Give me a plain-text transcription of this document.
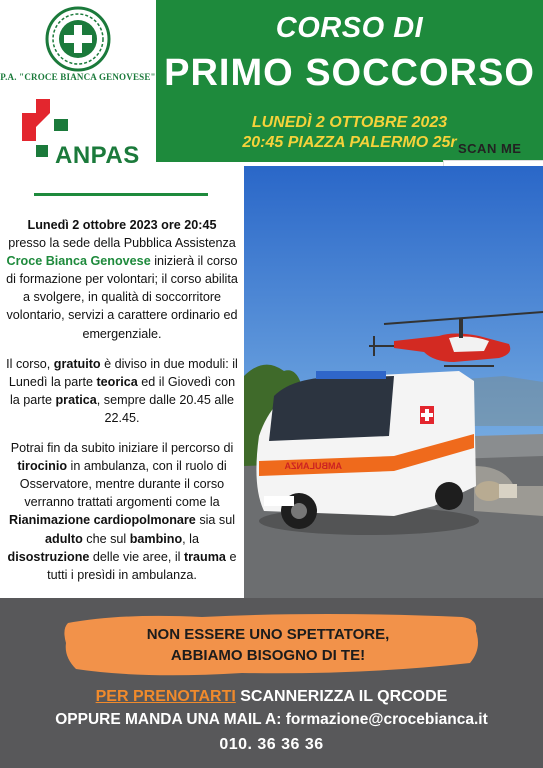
P.A. "CROCE BIANCA GENOVESE"
ANPAS
CORSO DI
PRIMO SOCCORSO
LUNEDÌ 2 OTTOBRE 2023
20:45 PIAZZA PALERMO 25r SCAN ME

Lunedì 2 ottobre 2023 ore 20:45
presso la sede della Pubblica Assistenza Croce Bianca Genovese inizierà il corso di formazione per volontari; il corso abilita a svolgere, in qualità di soccorritore volontario, servizi a carattere ordinario ed emergenziale.

Il corso, gratuito è diviso in due moduli: il Lunedì la parte teorica ed il Giovedì con la parte pratica, sempre dalle 20.45 alle 22.45.

Potrai fin da subito iniziare il percorso di tirocinio in ambulanza, con il ruolo di Osservatore, mentre durante il corso verranno trattati argomenti come la Rianimazione cardiopolmonare sia sul adulto che sul bambino, la disostruzione delle vie aree, il trauma e tutti i presìdi in ambulanza.

AMBULANZA
NON ESSERE UNO SPETTATORE,
ABBIAMO BISOGNO DI TE!
PER PRENOTARTI SCANNERIZZA IL QRCODE
OPPURE MANDA UNA MAIL A: formazione@crocebianca.it
010. 36 36 36
